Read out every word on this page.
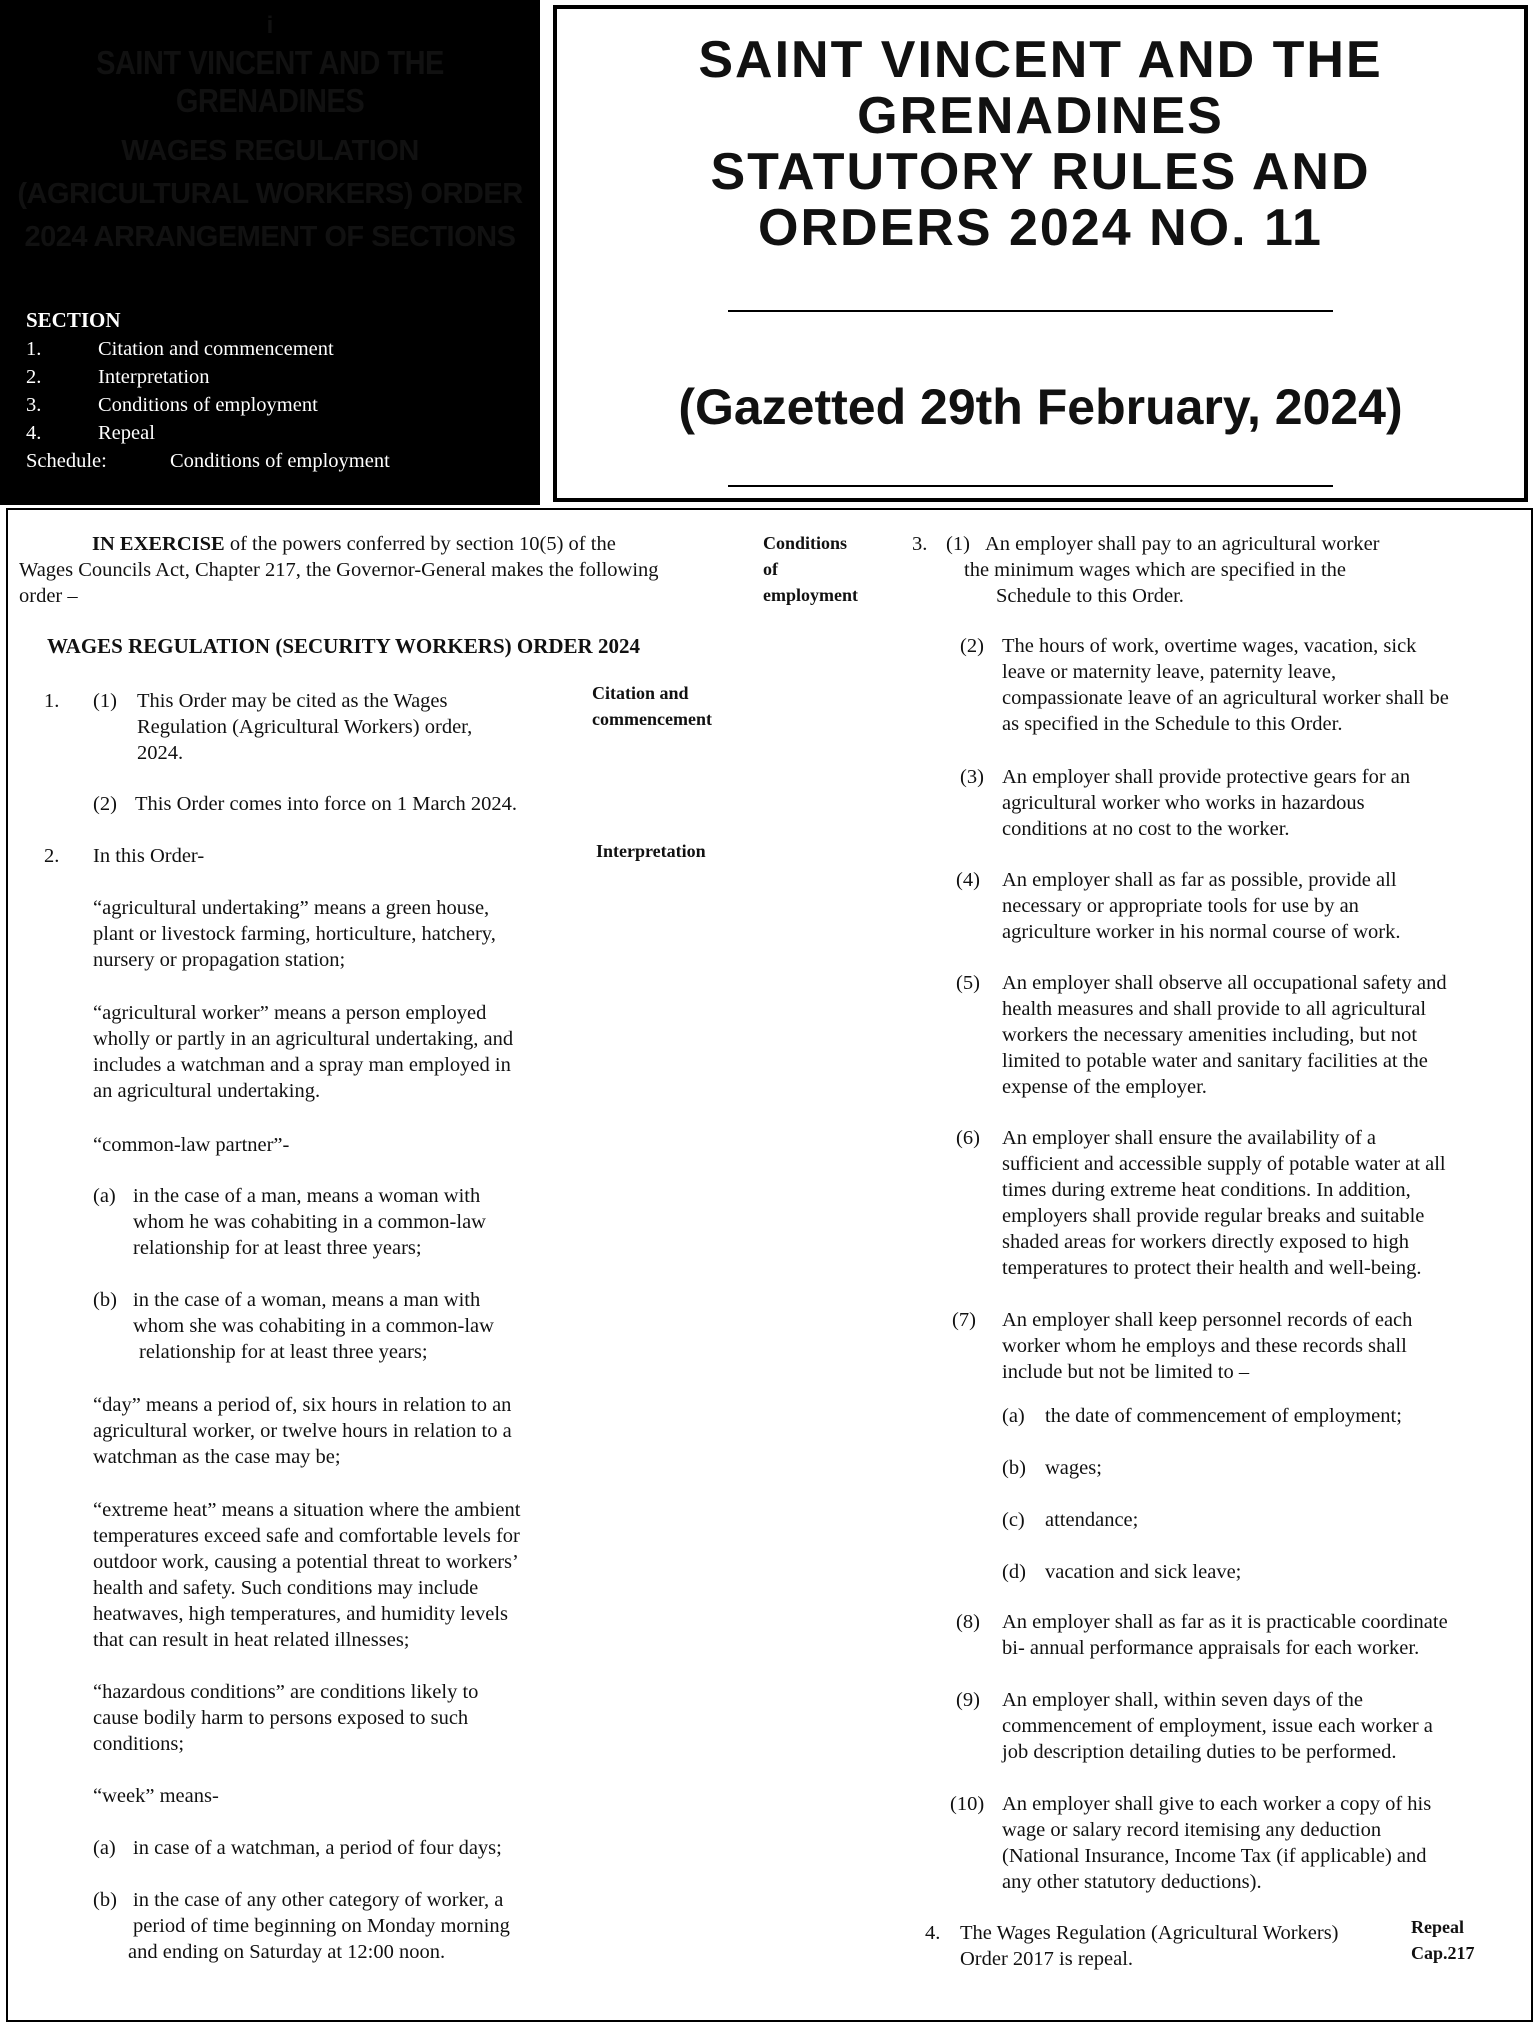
i
SAINT VINCENT AND THE GRENADINES
WAGES REGULATION
(AGRICULTURAL WORKERS) ORDER
2024 ARRANGEMENT OF SECTIONS
SECTION
1.	Citation and commencement
2.	Interpretation
3.	Conditions of employment
4.	Repeal
Schedule:	Conditions of employment
SAINT VINCENT AND THE
GRENADINES
STATUTORY RULES AND
ORDERS 2024 NO. 11
(Gazetted 29th February, 2024)
IN EXERCISE of the powers conferred by section 10(5) of the
Wages Councils Act, Chapter 217, the Governor-General makes the following
order –
WAGES REGULATION (SECURITY WORKERS) ORDER 2024
1. (1) This Order may be cited as the Wages
Regulation (Agricultural Workers) order,
2024.
Citation and
commencement
(2) This Order comes into force on 1 March 2024.
2. In this Order-	Interpretation
“agricultural undertaking” means a green house,
plant or livestock farming, horticulture, hatchery,
nursery or propagation station;
“agricultural worker” means a person employed
wholly or partly in an agricultural undertaking, and
includes a watchman and a spray man employed in
an agricultural undertaking.
“common-law partner”-
(a) in the case of a man, means a woman with
whom he was cohabiting in a common-law
relationship for at least three years;
(b) in the case of a woman, means a man with
whom she was cohabiting in a common-law
relationship for at least three years;
“day” means a period of, six hours in relation to an
agricultural worker, or twelve hours in relation to a
watchman as the case may be;
“extreme heat” means a situation where the ambient
temperatures exceed safe and comfortable levels for
outdoor work, causing a potential threat to workers’
health and safety. Such conditions may include
heatwaves, high temperatures, and humidity levels
that can result in heat related illnesses;
“hazardous conditions” are conditions likely to
cause bodily harm to persons exposed to such
conditions;
“week” means-
(a) in case of a watchman, a period of four days;
(b) in the case of any other category of worker, a
period of time beginning on Monday morning
and ending on Saturday at 12:00 noon.
Conditions
of
employment
3. (1) An employer shall pay to an agricultural worker
the minimum wages which are specified in the
Schedule to this Order.
(2) The hours of work, overtime wages, vacation, sick
leave or maternity leave, paternity leave,
compassionate leave of an agricultural worker shall be
as specified in the Schedule to this Order.
(3) An employer shall provide protective gears for an
agricultural worker who works in hazardous
conditions at no cost to the worker.
(4) An employer shall as far as possible, provide all
necessary or appropriate tools for use by an
agriculture worker in his normal course of work.
(5) An employer shall observe all occupational safety and
health measures and shall provide to all agricultural
workers the necessary amenities including, but not
limited to potable water and sanitary facilities at the
expense of the employer.
(6) An employer shall ensure the availability of a
sufficient and accessible supply of potable water at all
times during extreme heat conditions. In addition,
employers shall provide regular breaks and suitable
shaded areas for workers directly exposed to high
temperatures to protect their health and well-being.
(7) An employer shall keep personnel records of each
worker whom he employs and these records shall
include but not be limited to –
(a) the date of commencement of employment;
(b) wages;
(c) attendance;
(d) vacation and sick leave;
(8) An employer shall as far as it is practicable coordinate
bi- annual performance appraisals for each worker.
(9) An employer shall, within seven days of the
commencement of employment, issue each worker a
job description detailing duties to be performed.
(10) An employer shall give to each worker a copy of his
wage or salary record itemising any deduction
(National Insurance, Income Tax (if applicable) and
any other statutory deductions).
4. The Wages Regulation (Agricultural Workers)
Order 2017 is repeal.
Repeal
Cap.217
